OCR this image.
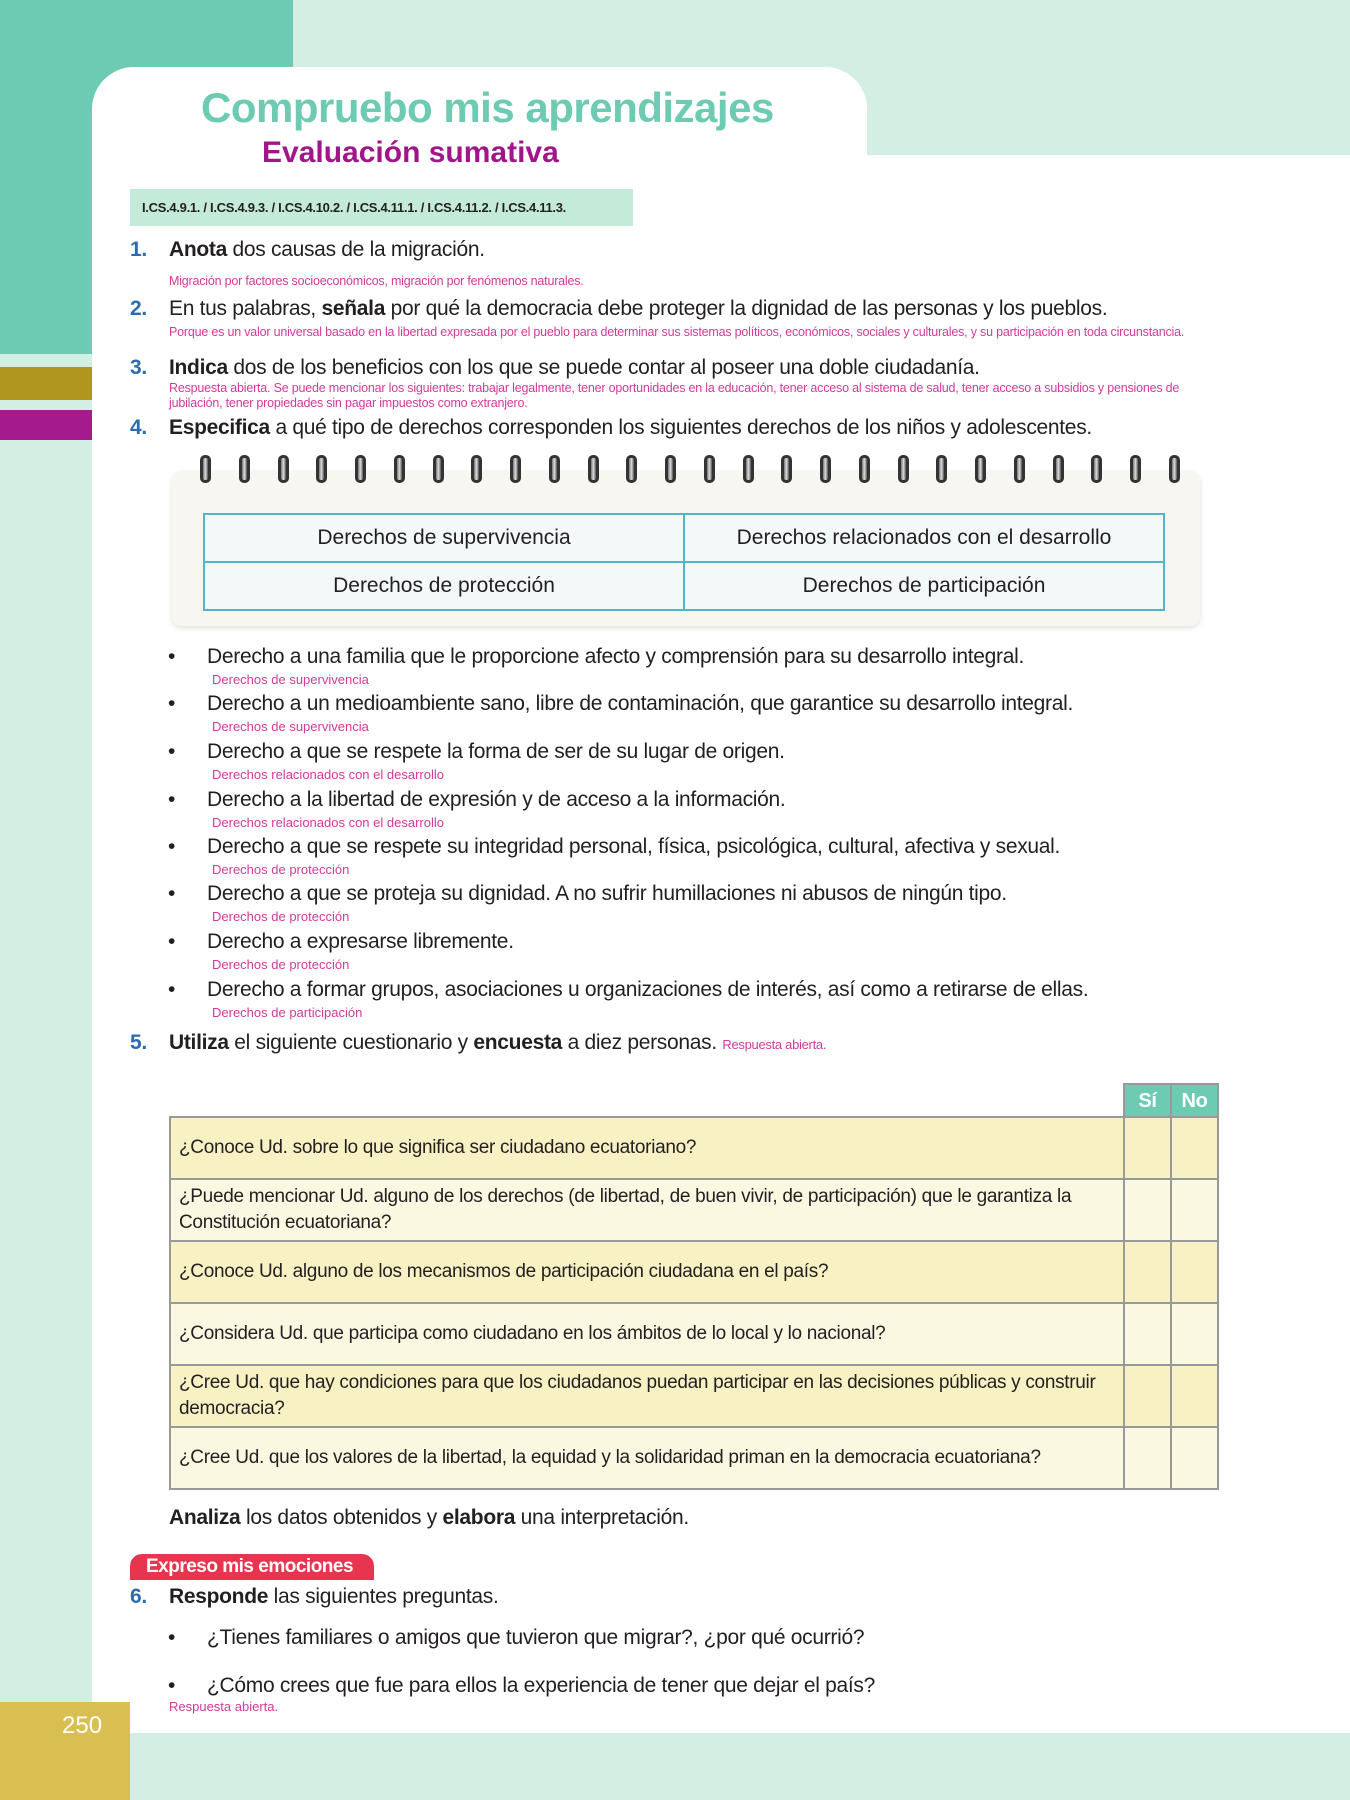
250
Compruebo mis aprendizajes
Evaluación sumativa
I.CS.4.9.1. / I.CS.4.9.3. / I.CS.4.10.2. / I.CS.4.11.1. / I.CS.4.11.2. / I.CS.4.11.3.
1. Anota dos causas de la migración.
Migración por factores socioeconómicos, migración por fenómenos naturales.
2. En tus palabras, señala por qué la democracia debe proteger la dignidad de las personas y los pueblos.
Porque es un valor universal basado en la libertad expresada por el pueblo para determinar sus sistemas políticos, económicos, sociales y culturales, y su participación en toda circunstancia.
3. Indica dos de los beneficios con los que se puede contar al poseer una doble ciudadanía.
Respuesta abierta. Se puede mencionar los siguientes: trabajar legalmente, tener oportunidades en la educación, tener acceso al sistema de salud, tener acceso a subsidios y pensiones de jubilación, tener propiedades sin pagar impuestos como extranjero.
4. Especifica a qué tipo de derechos corresponden los siguientes derechos de los niños y adolescentes.
Derechos de supervivencia	Derechos relacionados con el desarrollo
Derechos de protección	Derechos de participación
• Derecho a una familia que le proporcione afecto y comprensión para su desarrollo integral.
Derechos de supervivencia
• Derecho a un medioambiente sano, libre de contaminación, que garantice su desarrollo integral.
Derechos de supervivencia
• Derecho a que se respete la forma de ser de su lugar de origen.
Derechos relacionados con el desarrollo
• Derecho a la libertad de expresión y de acceso a la información.
Derechos relacionados con el desarrollo
• Derecho a que se respete su integridad personal, física, psicológica, cultural, afectiva y sexual.
Derechos de protección
• Derecho a que se proteja su dignidad. A no sufrir humillaciones ni abusos de ningún tipo.
Derechos de protección
• Derecho a expresarse libremente.
Derechos de protección
• Derecho a formar grupos, asociaciones u organizaciones de interés, así como a retirarse de ellas.
Derechos de participación
5. Utiliza el siguiente cuestionario y encuesta a diez personas. Respuesta abierta.
	Sí	No
¿Conoce Ud. sobre lo que significa ser ciudadano ecuatoriano?		
¿Puede mencionar Ud. alguno de los derechos (de libertad, de buen vivir, de participación) que le garantiza la Constitución ecuatoriana?		
¿Conoce Ud. alguno de los mecanismos de participación ciudadana en el país?		
¿Considera Ud. que participa como ciudadano en los ámbitos de lo local y lo nacional?		
¿Cree Ud. que hay condiciones para que los ciudadanos puedan participar en las decisiones públicas y construir democracia?		
¿Cree Ud. que los valores de la libertad, la equidad y la solidaridad priman en la democracia ecuatoriana?		
Analiza los datos obtenidos y elabora una interpretación.
Expreso mis emociones
6. Responde las siguientes preguntas.
• ¿Tienes familiares o amigos que tuvieron que migrar?, ¿por qué ocurrió?
• ¿Cómo crees que fue para ellos la experiencia de tener que dejar el país?
Respuesta abierta.
